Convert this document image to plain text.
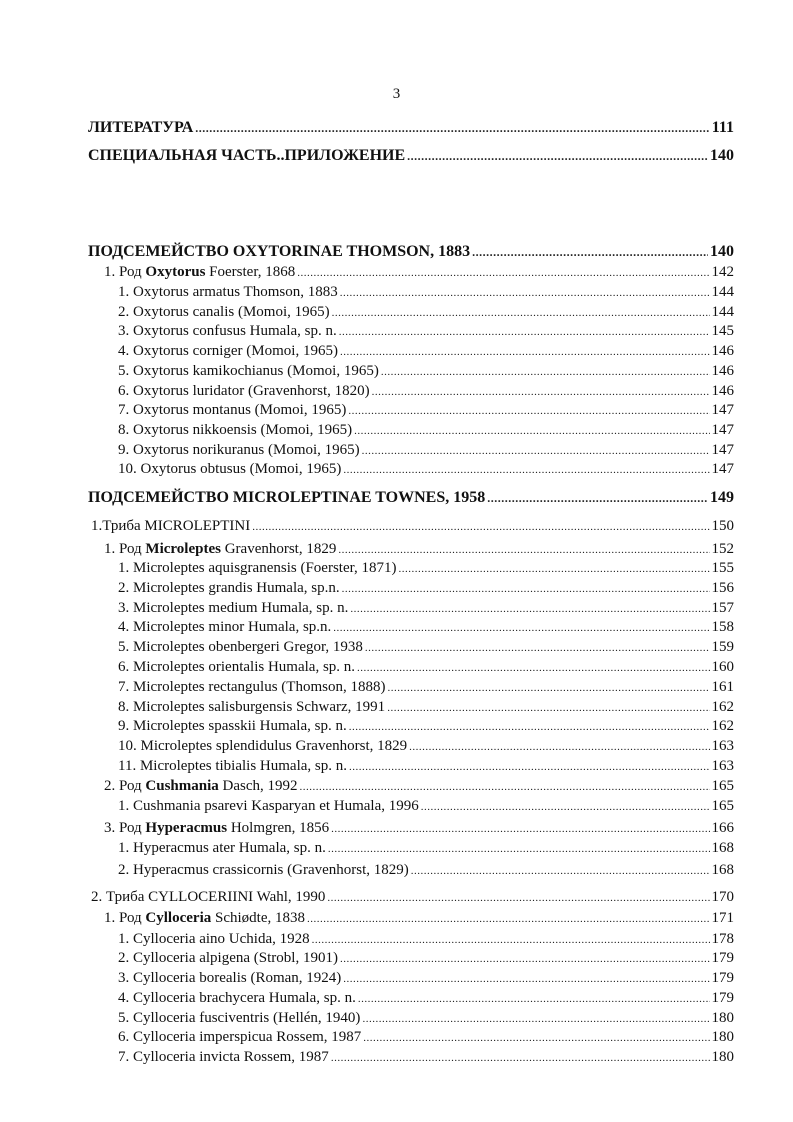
3
ЛИТЕРАТУРА .....	111
СПЕЦИАЛЬНАЯ ЧАСТЬ..ПРИЛОЖЕНИЕ .....	140
ПОДСЕМЕЙСТВО OXYTORINAE THOMSON, 1883 .....	140
1. Род Oxytorus Foerster, 1868 .....	142
1. Oxytorus armatus Thomson, 1883 .....	144
2. Oxytorus canalis (Momoi, 1965) .....	144
3. Oxytorus confusus Humala, sp. n. .....	145
4. Oxytorus corniger (Momoi, 1965) .....	146
5. Oxytorus kamikochianus (Momoi, 1965) .....	146
6. Oxytorus luridator (Gravenhorst, 1820) .....	146
7. Oxytorus montanus (Momoi, 1965) .....	147
8. Oxytorus nikkoensis (Momoi, 1965) .....	147
9. Oxytorus norikuranus (Momoi, 1965) .....	147
10. Oxytorus obtusus (Momoi, 1965) .....	147
ПОДСЕМЕЙСТВО MICROLEPTINAE TOWNES, 1958 .....	149
1.Триба MICROLEPTINI .....	150
1. Род Microleptes Gravenhorst, 1829 .....	152
1. Microleptes aquisgranensis (Foerster, 1871) .....	155
2. Microleptes grandis Humala, sp.n. .....	156
3. Microleptes medium Humala, sp. n. .....	157
4. Microleptes minor Humala, sp.n. .....	158
5. Microleptes obenbergeri Gregor, 1938 .....	159
6. Microleptes orientalis Humala, sp. n. .....	160
7. Microleptes rectangulus (Thomson, 1888) .....	161
8. Microleptes salisburgensis Schwarz, 1991 .....	162
9. Microleptes spasskii Humala, sp. n. .....	162
10. Microleptes splendidulus Gravenhorst, 1829 .....	163
11. Microleptes tibialis Humala, sp. n. .....	163
2. Род Cushmania Dasch, 1992 .....	165
1. Cushmania psarevi Kasparyan et Humala, 1996 .....	165
3. Род Hyperacmus Holmgren, 1856 .....	166
1. Hyperacmus ater Humala, sp. n. .....	168
2. Hyperacmus crassicornis (Gravenhorst, 1829) .....	168
2. Триба CYLLOCERIINI Wahl, 1990 .....	170
1. Род Cylloceria Schiødte, 1838 .....	171
1. Cylloceria aino Uchida, 1928 .....	178
2. Cylloceria alpigena (Strobl, 1901) .....	179
3. Cylloceria borealis (Roman, 1924) .....	179
4. Cylloceria brachycera Humala, sp. n. .....	179
5. Cylloceria fusciventris (Hellén, 1940) .....	180
6. Cylloceria imperspicua Rossem, 1987 .....	180
7. Cylloceria invicta Rossem, 1987 .....	180
